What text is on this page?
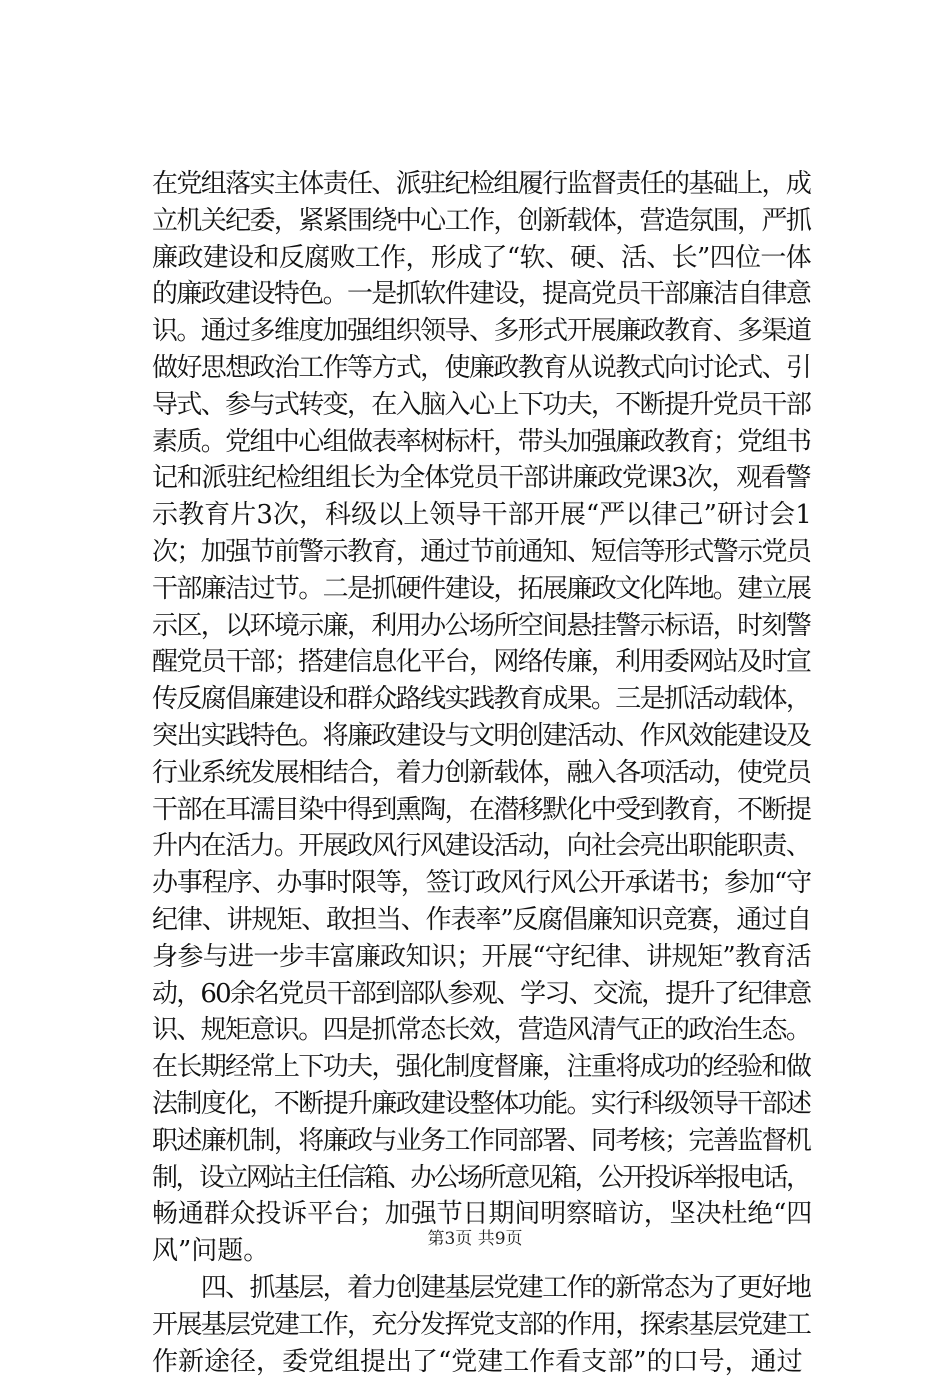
在党组落实主体责任、派驻纪检组履行监督责任的基础上，成
立机关纪委，紧紧围绕中心工作，创新载体，营造氛围，严抓
廉政建设和反腐败工作，形成了“软、硬、活、长”四位一体
的廉政建设特色。一是抓软件建设，提高党员干部廉洁自律意
识。通过多维度加强组织领导、多形式开展廉政教育、多渠道
做好思想政治工作等方式，使廉政教育从说教式向讨论式、引
导式、参与式转变，在入脑入心上下功夫，不断提升党员干部
素质。党组中心组做表率树标杆，带头加强廉政教育；党组书
记和派驻纪检组组长为全体党员干部讲廉政党课3次，观看警
示教育片3次，科级以上领导干部开展“严以律己”研讨会1
次；加强节前警示教育，通过节前通知、短信等形式警示党员
干部廉洁过节。二是抓硬件建设，拓展廉政文化阵地。建立展
示区，以环境示廉，利用办公场所空间悬挂警示标语，时刻警
醒党员干部；搭建信息化平台，网络传廉，利用委网站及时宣
传反腐倡廉建设和群众路线实践教育成果。三是抓活动载体，
突出实践特色。将廉政建设与文明创建活动、作风效能建设及
行业系统发展相结合，着力创新载体，融入各项活动，使党员
干部在耳濡目染中得到熏陶，在潜移默化中受到教育，不断提
升内在活力。开展政风行风建设活动，向社会亮出职能职责、
办事程序、办事时限等，签订政风行风公开承诺书；参加“守
纪律、讲规矩、敢担当、作表率”反腐倡廉知识竞赛，通过自
身参与进一步丰富廉政知识；开展“守纪律、讲规矩”教育活
动，60余名党员干部到部队参观、学习、交流，提升了纪律意
识、规矩意识。四是抓常态长效，营造风清气正的政治生态。
在长期经常上下功夫，强化制度督廉，注重将成功的经验和做
法制度化，不断提升廉政建设整体功能。实行科级领导干部述
职述廉机制，将廉政与业务工作同部署、同考核；完善监督机
制，设立网站主任信箱、办公场所意见箱，公开投诉举报电话，
畅通群众投诉平台；加强节日期间明察暗访，坚决杜绝“四
风”问题。
　　四、抓基层，着力创建基层党建工作的新常态为了更好地
开展基层党建工作，充分发挥党支部的作用，探索基层党建工
作新途径，委党组提出了“党建工作看支部”的口号，通过
第3页 共9页
